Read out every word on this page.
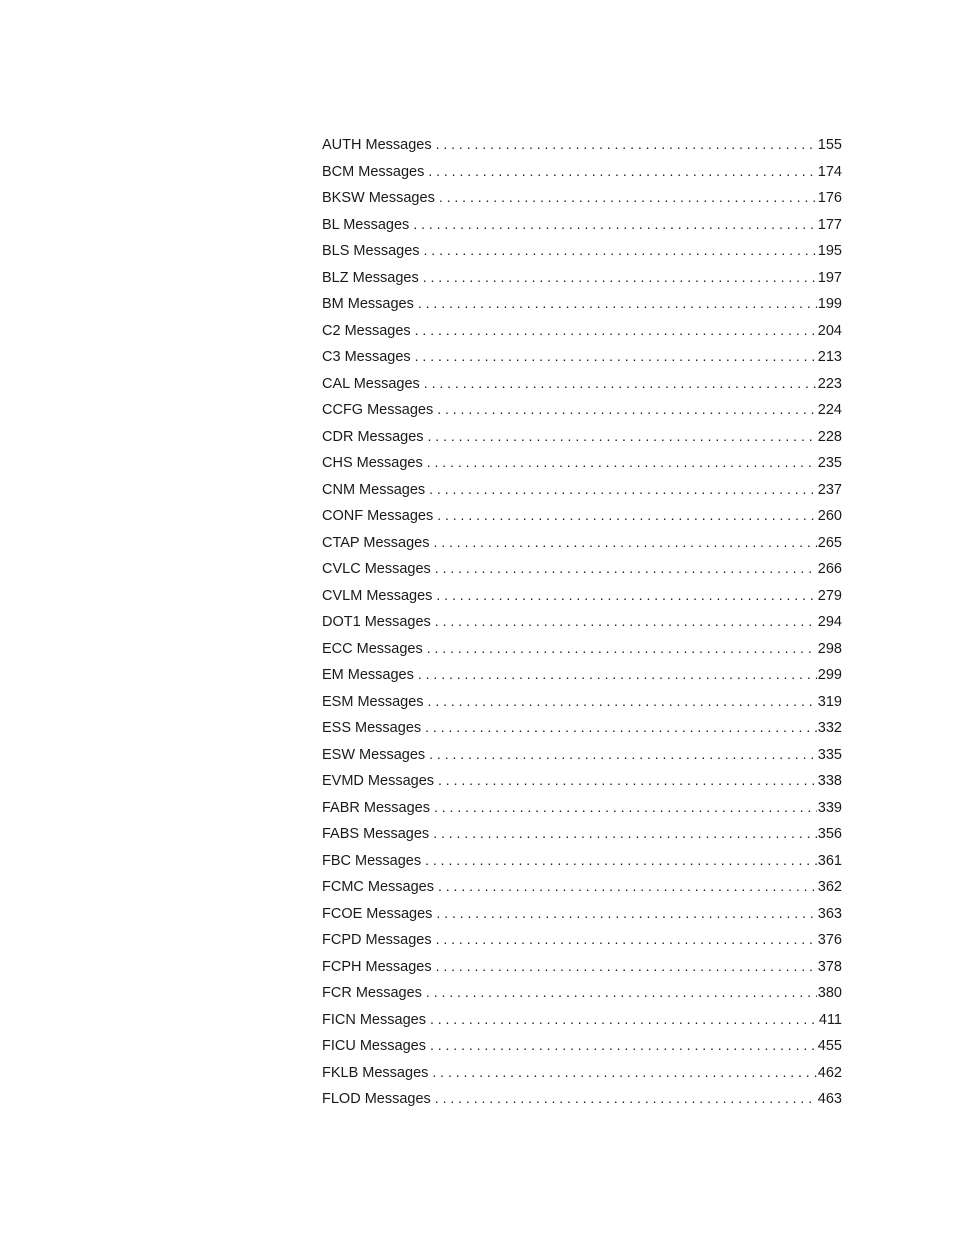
AUTH Messages . . .	155
BCM Messages . . .	174
BKSW Messages . . .	176
BL Messages . . .	177
BLS Messages . . .	195
BLZ Messages . . .	197
BM Messages . . .	199
C2 Messages . . .	204
C3 Messages . . .	213
CAL Messages . . .	223
CCFG Messages . . .	224
CDR Messages . . .	228
CHS Messages . . .	235
CNM Messages . . .	237
CONF Messages . . .	260
CTAP Messages . . .	265
CVLC Messages . . .	266
CVLM Messages . . .	279
DOT1 Messages . . .	294
ECC Messages . . .	298
EM Messages . . .	299
ESM Messages . . .	319
ESS Messages . . .	332
ESW Messages . . .	335
EVMD Messages . . .	338
FABR Messages . . .	339
FABS Messages . . .	356
FBC Messages . . .	361
FCMC Messages . . .	362
FCOE Messages . . .	363
FCPD Messages . . .	376
FCPH Messages . . .	378
FCR Messages . . .	380
FICN Messages . . .	411
FICU Messages . . .	455
FKLB Messages . . .	462
FLOD Messages . . .	463
